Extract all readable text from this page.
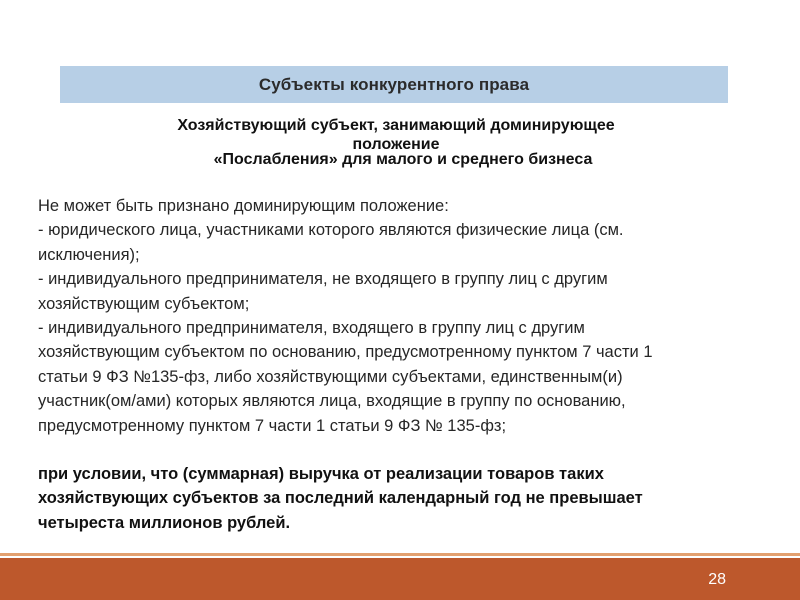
Субъекты конкурентного права
Хозяйствующий субъект, занимающий доминирующее
положение
«Послабления» для малого и среднего бизнеса
Не может быть признано доминирующим положение:
- юридического лица, участниками которого являются физические лица (см.
исключения);
- индивидуального предпринимателя, не входящего в группу лиц с другим
хозяйствующим субъектом;
- индивидуального предпринимателя, входящего в группу лиц с другим
хозяйствующим субъектом по основанию, предусмотренному пунктом 7 части 1
статьи 9 ФЗ №135-фз, либо хозяйствующими субъектами, единственным(и)
участник(ом/ами) которых являются лица, входящие в группу по основанию,
предусмотренному пунктом 7 части 1 статьи 9 ФЗ № 135-фз;
при условии, что (суммарная) выручка от реализации товаров таких
хозяйствующих субъектов за последний календарный год не превышает
четыреста миллионов рублей.
28
